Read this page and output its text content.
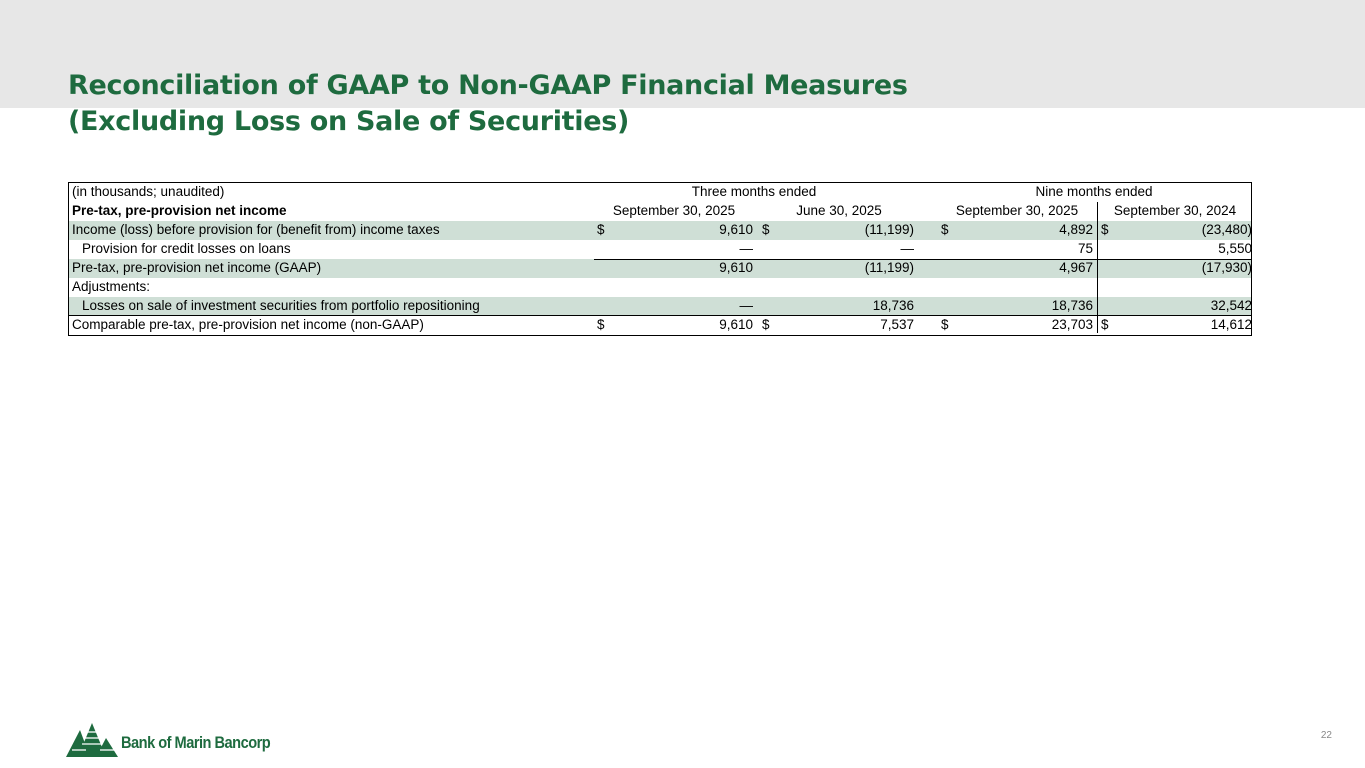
Reconciliation of GAAP to Non-GAAP Financial Measures
(Excluding Loss on Sale of Securities)
(in thousands; unaudited)	Three months ended	Nine months ended
Pre-tax, pre-provision net income	September 30, 2025	June 30, 2025	September 30, 2025	September 30, 2024
Income (loss) before provision for (benefit from) income taxes	$	9,610 $	(11,199) $	4,892 $	(23,480)
Provision for credit losses on loans	—	—	75	5,550
Pre-tax, pre-provision net income (GAAP)	9,610	(11,199)	4,967	(17,930)
Adjustments:
Losses on sale of investment securities from portfolio repositioning	—	18,736	18,736	32,542
Comparable pre-tax, pre-provision net income (non-GAAP)	$	9,610 $	7,537 $	23,703 $	14,612
Bank of Marin Bancorp	22
